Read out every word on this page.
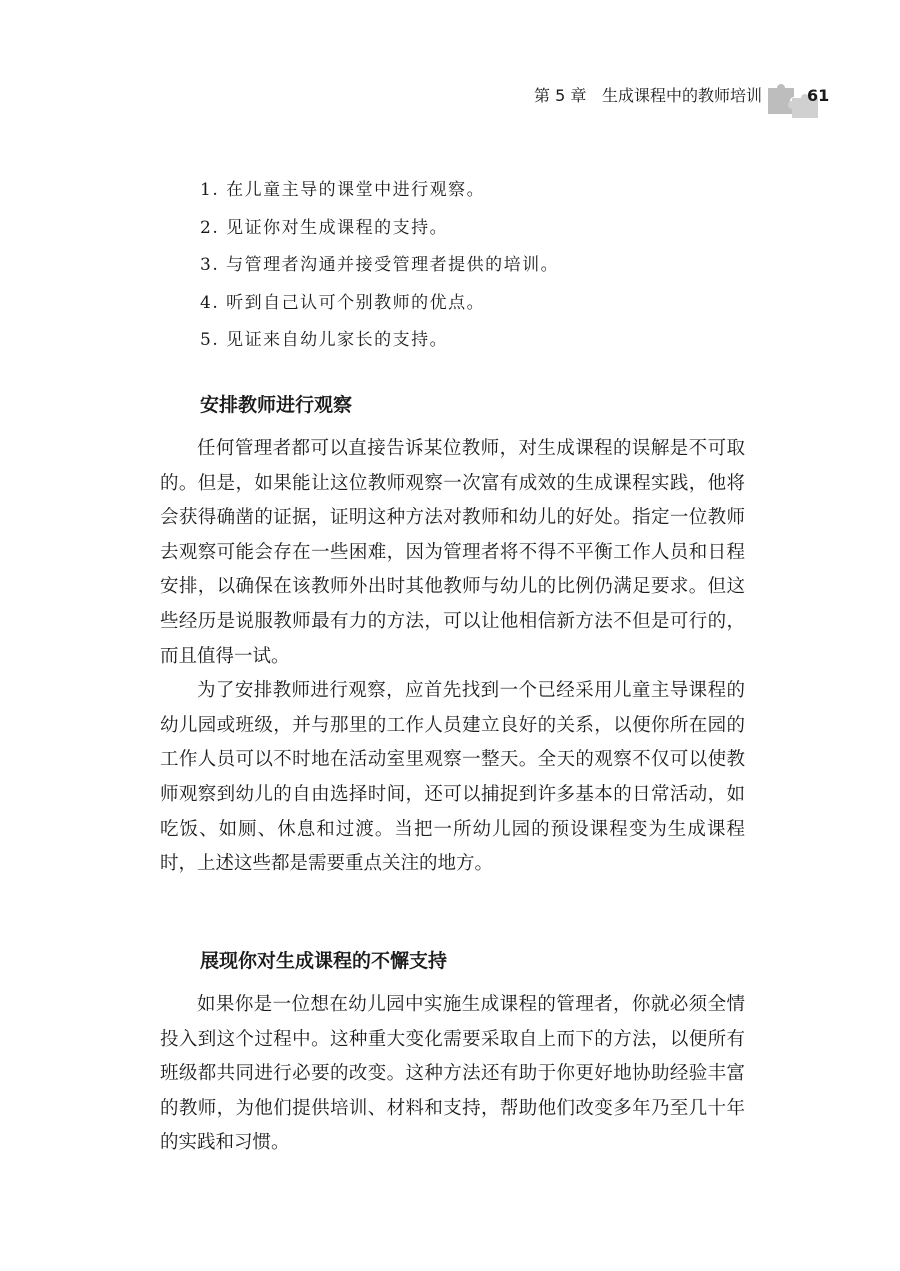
第 5 章 生成课程中的教师培训	61
1. 在儿童主导的课堂中进行观察。
2. 见证你对生成课程的支持。
3. 与管理者沟通并接受管理者提供的培训。
4. 听到自己认可个别教师的优点。
5. 见证来自幼儿家长的支持。
安排教师进行观察

任何管理者都可以直接告诉某位教师，对生成课程的误解是不可取的。但是，如果能让这位教师观察一次富有成效的生成课程实践，他将会获得确凿的证据，证明这种方法对教师和幼儿的好处。指定一位教师去观察可能会存在一些困难，因为管理者将不得不平衡工作人员和日程安排，以确保在该教师外出时其他教师与幼儿的比例仍满足要求。但这些经历是说服教师最有力的方法，可以让他相信新方法不但是可行的，而且值得一试。

为了安排教师进行观察，应首先找到一个已经采用儿童主导课程的幼儿园或班级，并与那里的工作人员建立良好的关系，以便你所在园的工作人员可以不时地在活动室里观察一整天。全天的观察不仅可以使教师观察到幼儿的自由选择时间，还可以捕捉到许多基本的日常活动，如吃饭、如厕、休息和过渡。当把一所幼儿园的预设课程变为生成课程时，上述这些都是需要重点关注的地方。

展现你对生成课程的不懈支持

如果你是一位想在幼儿园中实施生成课程的管理者，你就必须全情投入到这个过程中。这种重大变化需要采取自上而下的方法，以便所有班级都共同进行必要的改变。这种方法还有助于你更好地协助经验丰富的教师，为他们提供培训、材料和支持，帮助他们改变多年乃至几十年的实践和习惯。
